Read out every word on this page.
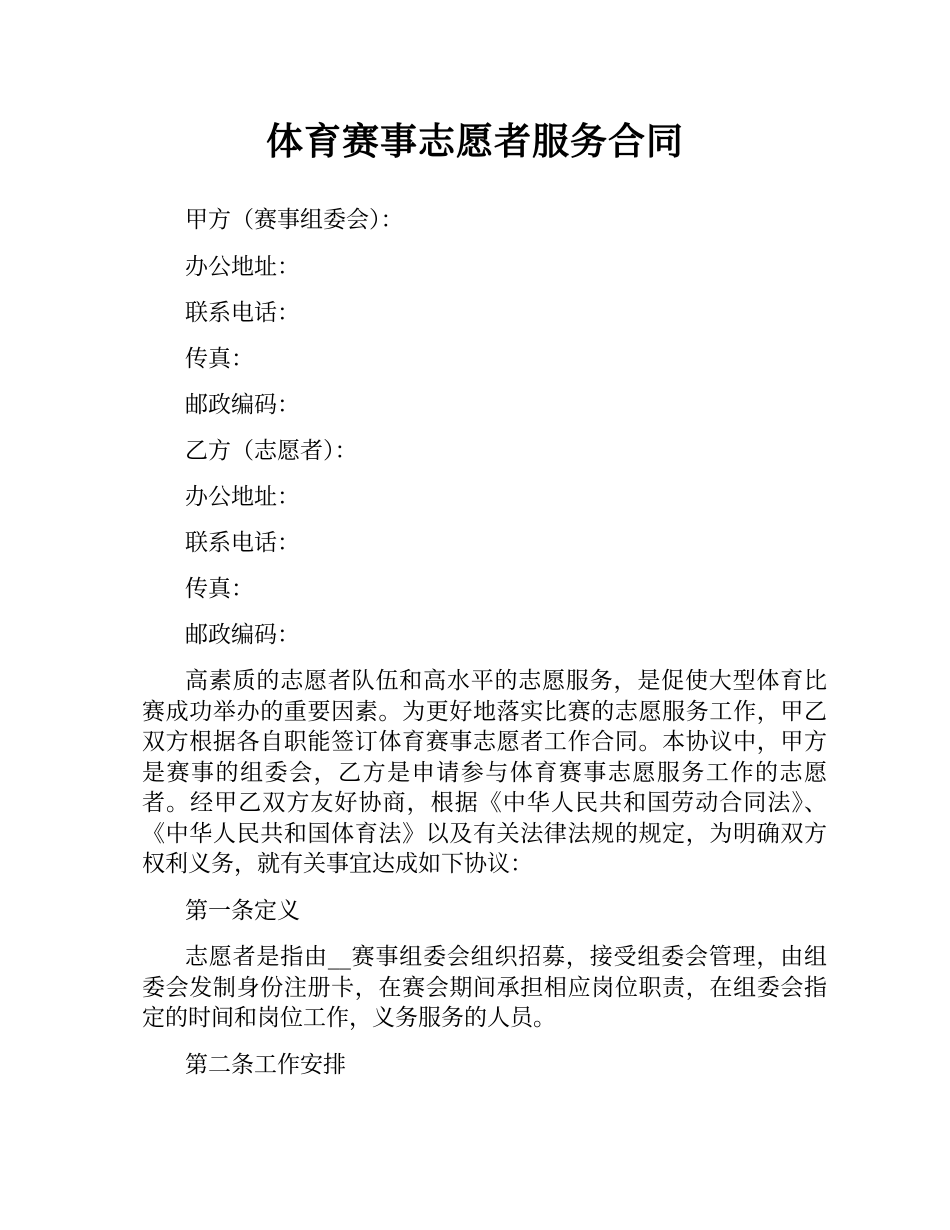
体育赛事志愿者服务合同
甲方（赛事组委会）：
办公地址：
联系电话：
传真：
邮政编码：
乙方（志愿者）：
办公地址：
联系电话：
传真：
邮政编码：
高素质的志愿者队伍和高水平的志愿服务，是促使大型体育比赛成功举办的重要因素。为更好地落实比赛的志愿服务工作，甲乙双方根据各自职能签订体育赛事志愿者工作合同。本协议中，甲方是赛事的组委会，乙方是申请参与体育赛事志愿服务工作的志愿者。经甲乙双方友好协商，根据《中华人民共和国劳动合同法》、《中华人民共和国体育法》以及有关法律法规的规定，为明确双方权利义务，就有关事宜达成如下协议：
第一条定义
志愿者是指由__赛事组委会组织招募，接受组委会管理，由组委会发制身份注册卡，在赛会期间承担相应岗位职责，在组委会指定的时间和岗位工作，义务服务的人员。
第二条工作安排
